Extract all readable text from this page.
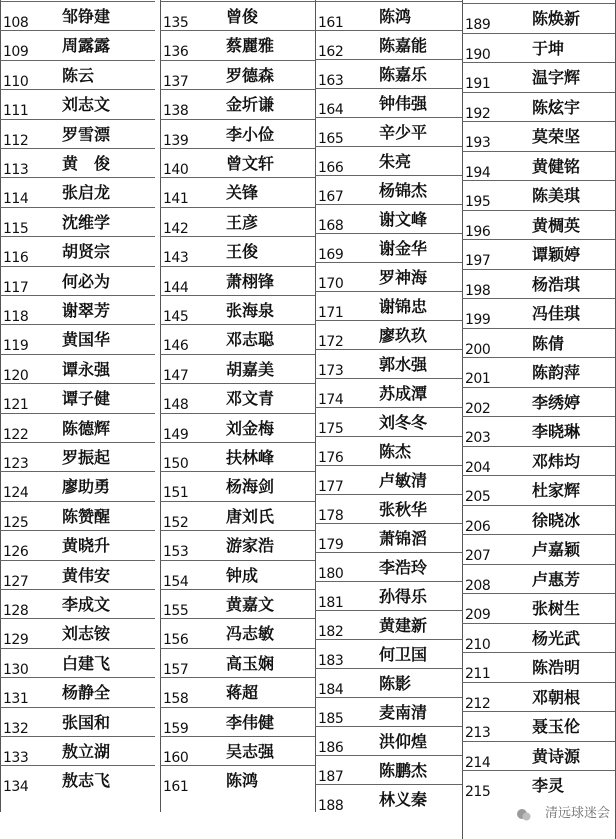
108 邹铮建
109 周露露
110 陈云
111 刘志文
112 罗雪漂
113 黄　俊
114 张启龙
115 沈维学
116 胡贤宗
117 何必为
118 谢翠芳
119 黄国华
120 谭永强
121 谭子健
122 陈德辉
123 罗振起
124 廖助勇
125 陈赞醒
126 黄晓升
127 黄伟安
128 李成文
129 刘志铵
130 白建飞
131 杨静全
132 张国和
133 敖立湖
134 敖志飞
135 曾俊
136 蔡麗雅
137 罗德森
138 金圻谦
139 李小俭
140 曾文轩
141 关锋
142 王彦
143 王俊
144 萧栩锋
145 张海泉
146 邓志聪
147 胡嘉美
148 邓文青
149 刘金梅
150 扶林峰
151 杨海剑
152 唐刘氏
153 游家浩
154 钟成
155 黄嘉文
156 冯志敏
157 高玉娴
158 蒋超
159 李伟健
160 吴志强
161 陈鸿
161 陈鸿
162 陈嘉能
163 陈嘉乐
164 钟伟强
165 辛少平
166 朱亮
167 杨锦杰
168 谢文峰
169 谢金华
170 罗神海
171 谢锦忠
172 廖玖玖
173 郭水强
174 苏成潭
175 刘冬冬
176 陈杰
177 卢敏清
178 张秋华
179 萧锦滔
180 李浩玲
181 孙得乐
182 黄建新
183 何卫国
184 陈影
185 麦南清
186 洪仰煌
187 陈鹏杰
188 林义秦
189	陈焕新
190	于坤
191	温字辉
192	陈炫宇
193	莫荣坚
194	黄健铭
195	陈美琪
196	黄椆英
197	谭颖婷
198	杨浩琪
199	冯佳琪
200	陈倩
201	陈韵萍
202	李绣婷
203	李晓琳
204	邓炜均
205	杜家辉
206	徐晓冰
207	卢嘉颖
208	卢惠芳
209	张树生
210	杨光武
211	陈浩明
212	邓朝根
213	聂玉伦
214	黄诗源
215	李灵
清远球迷会
